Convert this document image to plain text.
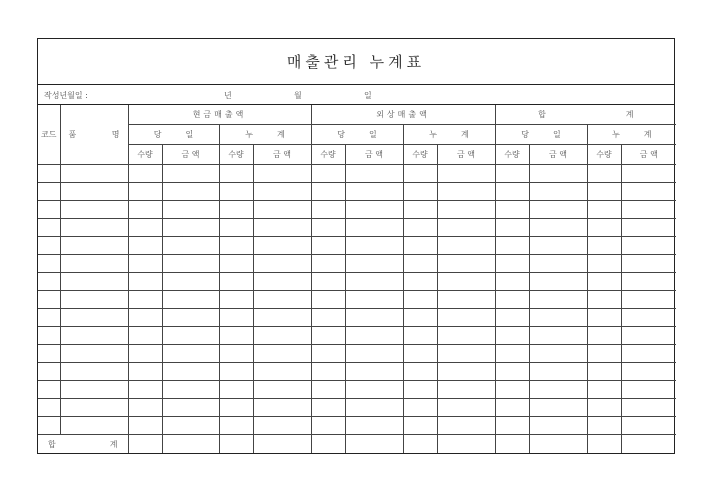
매출관리 누계표
작성년월일 :	년	월	일
코드	품 명	현금매출액				외상매출액				합 계			
		당 일		누 계		당 일		누 계		당 일		누 계	
		수량	금 액	수량	금 액	수량	금 액	수량	금 액	수량	금 액	수량	금 액

합 계													
